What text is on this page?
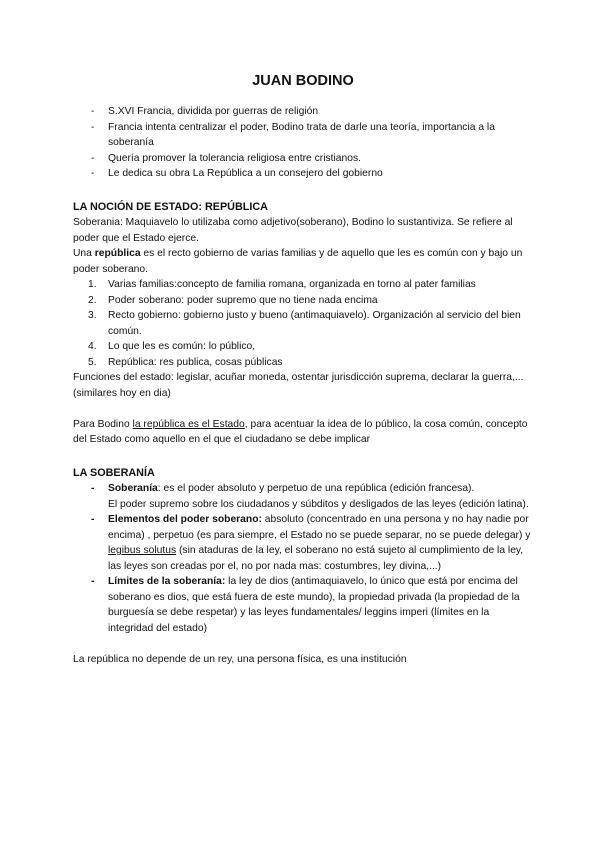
JUAN BODINO
- S.XVI Francia, dividida por guerras de religión
- Francia intenta centralizar el poder, Bodino trata de darle una teoría, importancia a la soberanía
- Quería promover la tolerancia religiosa entre cristianos.
- Le dedica su obra La República a un consejero del gobierno
LA NOCIÓN DE ESTADO: REPÚBLICA

Soberania: Maquiavelo lo utilizaba como adjetivo(soberano), Bodino lo sustantiviza. Se refiere al poder que el Estado ejerce.

Una república es el recto gobierno de varias familias y de aquello que les es común con y bajo un poder soberano.

1. Varias familias:concepto de familia romana, organizada en torno al pater familias
2. Poder soberano: poder supremo que no tiene nada encima
3. Recto gobierno: gobierno justo y bueno (antimaquiavelo). Organización al servicio del bien común.
4. Lo que les es común: lo público,
5. República: res publica, cosas públicas

Funciones del estado: legislar, acuñar moneda, ostentar jurisdicción suprema, declarar la guerra,... (similares hoy en dia)

Para Bodino la república es el Estado, para acentuar la idea de lo público, la cosa común, concepto del Estado como aquello en el que el ciudadano se debe implicar

LA SOBERANÍA
- Soberanía: es el poder absoluto y perpetuo de una república (edición francesa).
El poder supremo sobre los ciudadanos y súbditos y desligados de las leyes (edición latina).
- Elementos del poder soberano: absoluto (concentrado en una persona y no hay nadie por encima) , perpetuo (es para siempre, el Estado no se puede separar, no se puede delegar) y legibus solutus (sin ataduras de la ley, el soberano no está sujeto al cumplimiento de la ley, las leyes son creadas por el, no por nada mas: costumbres, ley divina,...)
- Límites de la soberanía: la ley de dios (antimaquiavelo, lo único que está por encima del soberano es dios, que está fuera de este mundo), la propiedad privada (la propiedad de la burguesía se debe respetar) y las leyes fundamentales/ leggins imperi (límites en la integridad del estado)

La república no depende de un rey, una persona física, es una institución
